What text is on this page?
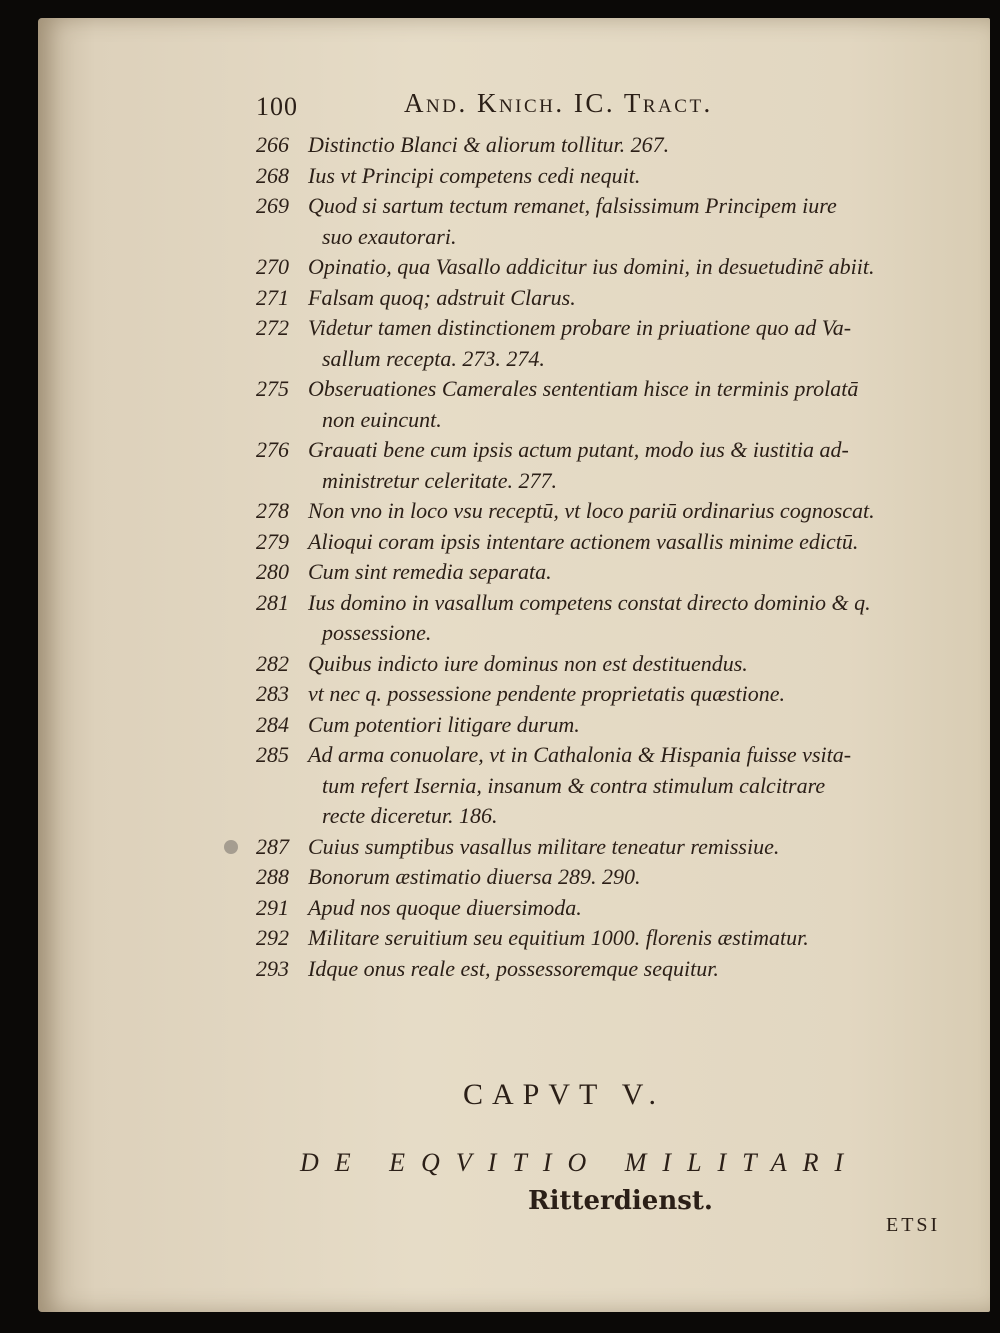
100	And. Knich. IC. Tract.
266 Distinctio Blanci & aliorum tollitur. 267.
268 Ius vt Principi competens cedi nequit.
269 Quod si sartum tectum remanet, falsissimum Principem iure
suo exautorari.
270 Opinatio, qua Vasallo addicitur ius domini, in desuetudinē abiit.
271 Falsam quoq; adstruit Clarus.
272 Videtur tamen distinctionem probare in priuatione quo ad Va-
sallum recepta. 273. 274.
275 Obseruationes Camerales sententiam hisce in terminis prolatā
non euincunt.
276 Grauati bene cum ipsis actum putant, modo ius & iustitia ad-
ministretur celeritate. 277.
278 Non vno in loco vsu receptū, vt loco pariū ordinarius cognoscat.
279 Alioqui coram ipsis intentare actionem vasallis minime edictū.
280 Cum sint remedia separata.
281 Ius domino in vasallum competens constat directo dominio & q.
possessione.
282 Quibus indicto iure dominus non est destituendus.
283 vt nec q. possessione pendente proprietatis quæstione.
284 Cum potentiori litigare durum.
285 Ad arma conuolare, vt in Cathalonia & Hispania fuisse vsita-
tum refert Isernia, insanum & contra stimulum calcitrare
recte diceretur. 186.
287 Cuius sumptibus vasallus militare teneatur remissiue.
288 Bonorum æstimatio diuersa 289. 290.
291 Apud nos quoque diuersimoda.
292 Militare seruitium seu equitium 1000. florenis æstimatur.
293 Idque onus reale est, possessoremque sequitur.
CAPVT V.
DE EQVITIO MILITARI
Ritterdienst.
ETSI
